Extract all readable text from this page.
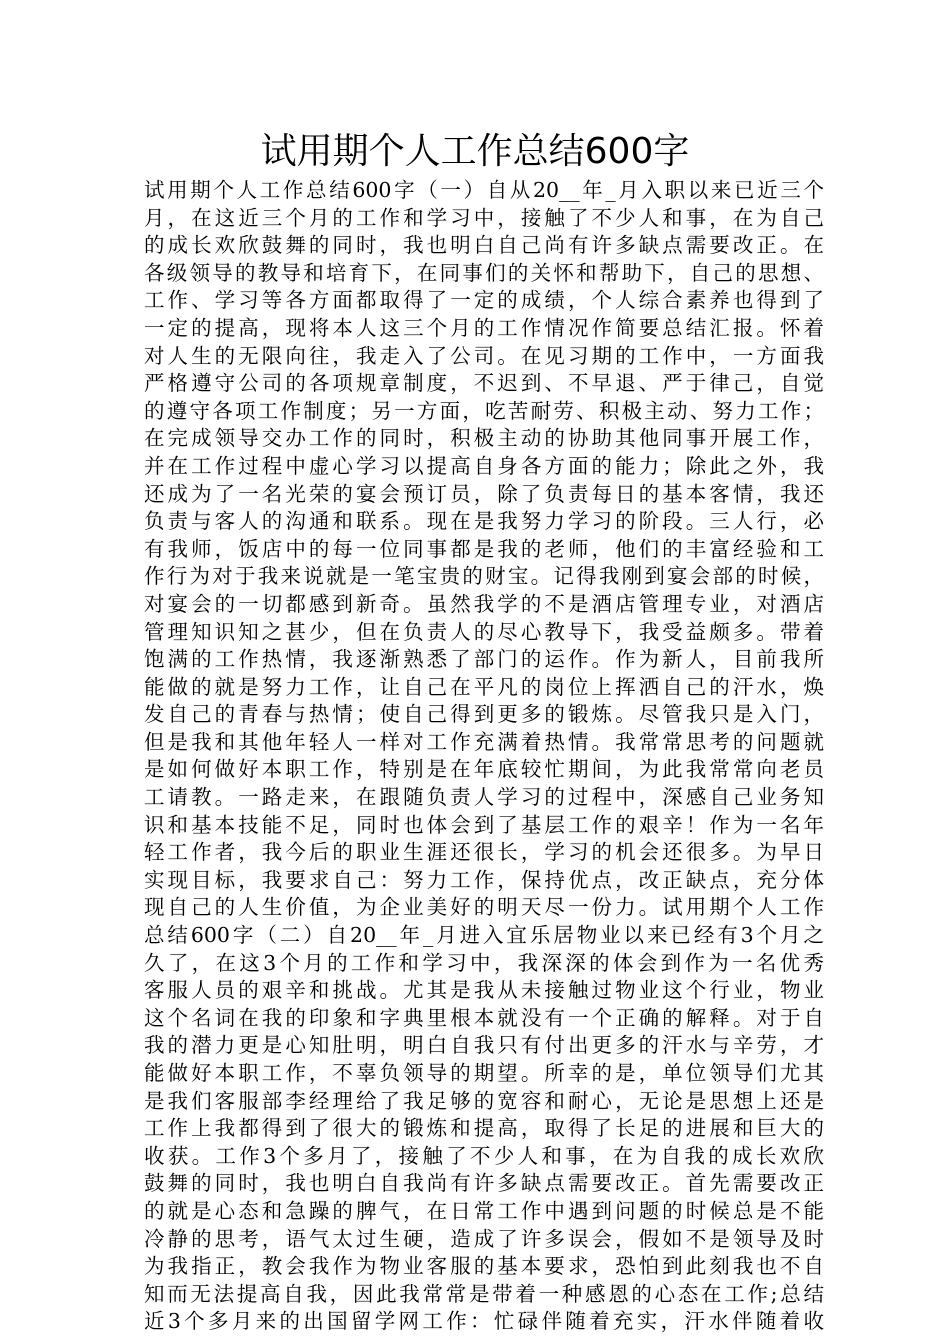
试用期个人工作总结600字
试用期个人工作总结600字（一）自从20__年_月入职以来已近三个
月，在这近三个月的工作和学习中，接触了不少人和事，在为自己
的成长欢欣鼓舞的同时，我也明白自己尚有许多缺点需要改正。在
各级领导的教导和培育下，在同事们的关怀和帮助下，自己的思想、
工作、学习等各方面都取得了一定的成绩，个人综合素养也得到了
一定的提高，现将本人这三个月的工作情况作简要总结汇报。怀着
对人生的无限向往，我走入了公司。在见习期的工作中，一方面我
严格遵守公司的各项规章制度，不迟到、不早退、严于律己，自觉
的遵守各项工作制度；另一方面，吃苦耐劳、积极主动、努力工作；
在完成领导交办工作的同时，积极主动的协助其他同事开展工作，
并在工作过程中虚心学习以提高自身各方面的能力；除此之外，我
还成为了一名光荣的宴会预订员，除了负责每日的基本客情，我还
负责与客人的沟通和联系。现在是我努力学习的阶段。三人行，必
有我师，饭店中的每一位同事都是我的老师，他们的丰富经验和工
作行为对于我来说就是一笔宝贵的财宝。记得我刚到宴会部的时候，
对宴会的一切都感到新奇。虽然我学的不是酒店管理专业，对酒店
管理知识知之甚少，但在负责人的尽心教导下，我受益颇多。带着
饱满的工作热情，我逐渐熟悉了部门的运作。作为新人，目前我所
能做的就是努力工作，让自己在平凡的岗位上挥洒自己的汗水，焕
发自己的青春与热情；使自己得到更多的锻炼。尽管我只是入门，
但是我和其他年轻人一样对工作充满着热情。我常常思考的问题就
是如何做好本职工作，特别是在年底较忙期间，为此我常常向老员
工请教。一路走来，在跟随负责人学习的过程中，深感自己业务知
识和基本技能不足，同时也体会到了基层工作的艰辛！作为一名年
轻工作者，我今后的职业生涯还很长，学习的机会还很多。为早日
实现目标，我要求自己：努力工作，保持优点，改正缺点，充分体
现自己的人生价值，为企业美好的明天尽一份力。试用期个人工作
总结600字（二）自20__年_月进入宜乐居物业以来已经有3个月之
久了，在这3个月的工作和学习中，我深深的体会到作为一名优秀
客服人员的艰辛和挑战。尤其是我从未接触过物业这个行业，物业
这个名词在我的印象和字典里根本就没有一个正确的解释。对于自
我的潜力更是心知肚明，明白自我只有付出更多的汗水与辛劳，才
能做好本职工作，不辜负领导的期望。所幸的是，单位领导们尤其
是我们客服部李经理给了我足够的宽容和耐心，无论是思想上还是
工作上我都得到了很大的锻炼和提高，取得了长足的进展和巨大的
收获。工作3个多月了，接触了不少人和事，在为自我的成长欢欣
鼓舞的同时，我也明白自我尚有许多缺点需要改正。首先需要改正
的就是心态和急躁的脾气，在日常工作中遇到问题的时候总是不能
冷静的思考，语气太过生硬，造成了许多误会，假如不是领导及时
为我指正，教会我作为物业客服的基本要求，恐怕到此刻我也不自
知而无法提高自我，因此我常常是带着一种感恩的心态在工作;总结
近3个多月来的出国留学网工作：忙碌伴随着充实，汗水伴随着收
